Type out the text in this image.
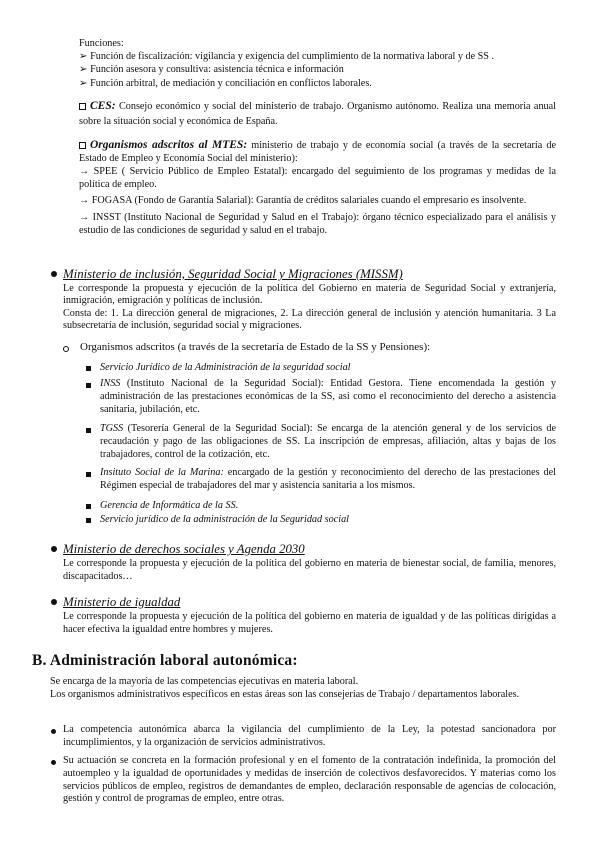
Funciones:
➢ Función de fiscalización: vigilancia y exigencia del cumplimiento de la normativa laboral y de SS .
➢ Función asesora y consultiva: asistencia técnica e información
➢ Función arbitral, de mediación y conciliación en conflictos laborales.
CES: Consejo económico y social del ministerio de trabajo. Organismo autónomo. Realiza una memoria anual sobre la situación social y económica de España.
Organismos adscritos al MTES: ministerio de trabajo y de economía social (a través de la secretaría de Estado de Empleo y Economía Social del ministerio):
→ SPEE ( Servicio Público de Empleo Estatal): encargado del seguimiento de los programas y medidas de la política de empleo.
→ FOGASA (Fondo de Garantía Salarial): Garantía de créditos salariales cuando el empresario es insolvente.
→ INSST (Instituto Nacional de Seguridad y Salud en el Trabajo): órgano técnico especializado para el análisis y estudio de las condiciones de seguridad y salud en el trabajo.
Ministerio de inclusión, Seguridad Social y Migraciones (MISSM)
Le corresponde la propuesta y ejecución de la política del Gobierno en materia de Seguridad Social y extranjería, inmigración, emigración y políticas de inclusión.
Consta de: 1. La dirección general de migraciones, 2. La dirección general de inclusión y atención humanitaria. 3 La subsecretaría de inclusión, seguridad social y migraciones.
Organismos adscritos (a través de la secretaría de Estado de la SS y Pensiones):
Servicio Jurídico de la Administración de la seguridad social
INSS (Instituto Nacional de la Seguridad Social): Entidad Gestora. Tiene encomendada la gestión y administración de las prestaciones económicas de la SS, así como el reconocimiento del derecho a asistencia sanitaria, jubilación, etc.
TGSS (Tesorería General de la Seguridad Social): Se encarga de la atención general y de los servicios de recaudación y pago de las obligaciones de SS. La inscripción de empresas, afiliación, altas y bajas de los trabajadores, control de la cotización, etc.
Insituto Social de la Marina: encargado de la gestión y reconocimiento del derecho de las prestaciones del Régimen especial de trabajadores del mar y asistencia sanitaria a los mismos.
Gerencia de Informática de la SS.
Servicio jurídico de la administración de la Seguridad social
Ministerio de derechos sociales y Agenda 2030
Le corresponde la propuesta y ejecución de la política del gobierno en materia de bienestar social, de familia, menores, discapacitados…
Ministerio de igualdad
Le corresponde la propuesta y ejecución de la política del gobierno en materia de igualdad y de las políticas dirigidas a hacer efectiva la igualdad entre hombres y mujeres.
B. Administración laboral autonómica:
Se encarga de la mayoría de las competencias ejecutivas en materia laboral.
Los organismos administrativos específicos en estas áreas son las consejerías de Trabajo / departamentos laborales.
La competencia autonómica abarca la vigilancia del cumplimiento de la Ley, la potestad sancionadora por incumplimientos, y la organización de servicios administrativos.
Su actuación se concreta en la formación profesional y en el fomento de la contratación indefinida, la promoción del autoempleo y la igualdad de oportunidades y medidas de inserción de colectivos desfavorecidos. Y materias como los servicios públicos de empleo, registros de demandantes de empleo, declaración responsable de agencias de colocación, gestión y control de programas de empleo, entre otras.
